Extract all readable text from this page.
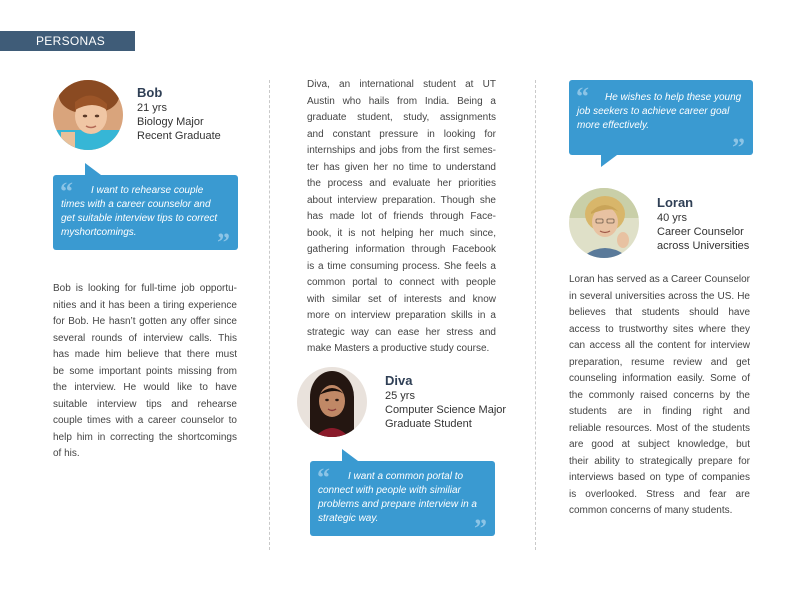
PERSONAS
Bob
21 yrs
Biology Major
Recent Graduate
“	I want to rehearse couple
times with a career counselor and
get suitable interview tips to correct
myshortcomings.	”
Bob is looking for full-time job opportu-
nities and it has been a tiring experience
for Bob. He hasn’t gotten any offer since
several rounds of interview calls. This
has made him believe that there must
be some important points missing from
the interview. He would like to have
suitable interview tips and rehearse
couple times with a career counselor to
help him in correcting the shortcomings
of his.
Diva, an international student at UT
Austin who hails from India. Being a
graduate student, study, assignments
and constant pressure in looking for
internships and jobs from the first semes-
ter has given her no time to understand
the process and evaluate her priorities
about interview preparation. Though she
has made lot of friends through Face-
book, it is not helping her much since,
gathering information through Facebook
is a time consuming process. She feels a
common portal to connect with people
with similar set of interests and know
more on interview preparation skills in a
strategic way can ease her stress and
make Masters a productive study course.
Diva
25 yrs
Computer Science Major
Graduate Student
“	I want a common portal to
connect with people with similiar
problems and prepare interview in a
strategic way.	”
“	He wishes to help these young
job seekers to achieve career goal
more effectively.
”
Loran
40 yrs
Career Counselor
across Universities
Loran has served as a Career Counselor
in several universities across the US. He
believes that students should have
access to trustworthy sites where they
can access all the content for interview
preparation, resume review and get
counseling information easily. Some of
the commonly raised concerns by the
students are in finding right and
reliable resources. Most of the students
are good at subject knowledge, but
their ability to strategically prepare for
interviews based on type of companies
is overlooked. Stress and fear are
common concerns of many students.
